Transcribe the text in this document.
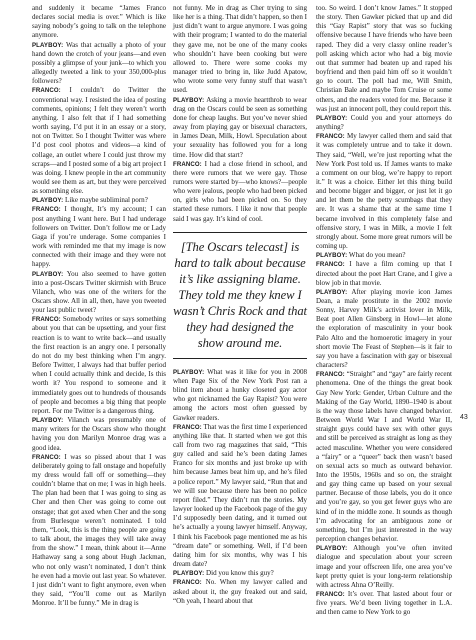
and suddenly it became “James Franco declares social media is over.” Which is like saying nobody’s going to talk on the telephone anymore.

PLAYBOY: Was that actually a photo of your hand down the crotch of your jeans—and even possibly a glimpse of your junk—to which you allegedly tweeted a link to your 350,000-plus followers?

FRANCO: I couldn’t do Twitter the conventional way. I resisted the idea of posting comments, opinions; I felt they weren’t worth anything. I also felt that if I had something worth saying, I’d put it in an essay or a story, not on Twitter. So I thought Twitter was where I’d post cool photos and videos—a kind of collage, an outlet where I could just throw my scraps—and I posted some of a big art project I was doing. I knew people in the art community would see them as art, but they were perceived as something else.

PLAYBOY: Like maybe subliminal porn?

FRANCO: I thought, It’s my account; I can post anything I want here. But I had underage followers on Twitter. Don’t follow me or Lady Gaga if you’re underage. Some companies I work with reminded me that my image is now connected with their image and they were not happy.

PLAYBOY: You also seemed to have gotten into a post-Oscars Twitter skirmish with Bruce Vilanch, who was one of the writers for the Oscars show. All in all, then, have you tweeted your last public tweet?

FRANCO: Somebody writes or says something about you that can be upsetting, and your first reaction is to want to write back—and usually the first reaction is an angry one. I personally do not do my best thinking when I’m angry. Before Twitter, I always had that buffer period when I could actually think and decide, Is this worth it? You respond to someone and it immediately goes out to hundreds of thousands of people and becomes a big thing that people report. For me Twitter is a dangerous thing.

PLAYBOY: Vilanch was presumably one of many writers for the Oscars show who thought having you don Marilyn Monroe drag was a good idea.

FRANCO: I was so pissed about that I was deliberately going to fall onstage and hopefully my dress would fall off or something—they couldn’t blame that on me; I was in high heels. The plan had been that I was going to sing as Cher and then Cher was going to come out onstage; that got axed when Cher and the song from Burlesque weren’t nominated. I told them, “Look, this is the thing people are going to talk about, the images they will take away from the show.” I mean, think about it—Anne Hathaway sang a song about Hugh Jackman, who not only wasn’t nominated, I don’t think he even had a movie out last year. So whatever. I just didn’t want to fight anymore, even when they said, “You’ll come out as Marilyn Monroe. It’ll be funny.” Me in drag is

not funny. Me in drag as Cher trying to sing like her is a thing. That didn’t happen, so then I just didn’t want to argue anymore. I was going with their program; I wanted to do the material they gave me, not be one of the many cooks who shouldn’t have been cooking but were allowed to. There were some cooks my manager tried to bring in, like Judd Apatow, who wrote some very funny stuff that wasn’t used.

PLAYBOY: Asking a movie heartthrob to wear drag on the Oscars could be seen as something done for cheap laughs. But you’ve never shied away from playing gay or bisexual characters, in James Dean, Milk, Howl. Speculation about your sexuality has followed you for a long time. How did that start?

FRANCO: I had a close friend in school, and there were rumors that we were gay. Those rumors were started by—who knows?—people who were jealous, people who had been picked on, girls who had been picked on. So they started these rumors. I like it now that people said I was gay. It’s kind of cool.

[The Oscars telecast] is hard to talk about because it’s like assigning blame. They told me they knew I wasn’t Chris Rock and that they had designed the show around me.

PLAYBOY: What was it like for you in 2008 when Page Six of the New York Post ran a blind item about a hunky closeted gay actor who got nicknamed the Gay Rapist? You were among the actors most often guessed by Gawker readers.

FRANCO: That was the first time I experienced anything like that. It started when we got this call from two rag magazines that said, “This guy called and said he’s been dating James Franco for six months and just broke up with him because James beat him up, and he’s filed a police report.” My lawyer said, “Run that and we will sue because there has been no police report filed.” They didn’t run the stories. My lawyer looked up the Facebook page of the guy I’d supposedly been dating, and it turned out he’s actually a young lawyer himself. Anyway, I think his Facebook page mentioned me as his “dream date” or something. Well, if I’d been dating him for six months, why was I his dream date?

PLAYBOY: Did you know this guy?

FRANCO: No. When my lawyer called and asked about it, the guy freaked out and said, “Oh yeah, I heard about that

too. So weird. I don’t know James.” It stopped the story. Then Gawker picked that up and did this “Gay Rapist” story that was so fucking offensive because I have friends who have been raped. They did a very classy online reader’s poll asking which actor who had a big movie out that summer had beaten up and raped his boyfriend and then paid him off so it wouldn’t go to court. The poll had me, Will Smith, Christian Bale and maybe Tom Cruise or some others, and the readers voted for me. Because it was just an innocent poll, they could report this.

PLAYBOY: Could you and your attorneys do anything?

FRANCO: My lawyer called them and said that it was completely untrue and to take it down. They said, “Well, we’re just reporting what the New York Post told us. If James wants to make a comment on our blog, we’re happy to report it.” It was a choice. Either let this thing build and become bigger and bigger, or just let it go and let them be the petty scumbags that they are. It was a shame that at the same time I became involved in this completely false and offensive story, I was in Milk, a movie I felt strongly about. Some more great rumors will be coming up.

PLAYBOY: What do you mean?

FRANCO: I have a film coming up that I directed about the poet Hart Crane, and I give a blow job in that movie.

PLAYBOY: After playing movie icon James Dean, a male prostitute in the 2002 movie Sonny, Harvey Milk’s activist lover in Milk, Beat poet Allen Ginsberg in Howl—let alone the exploration of masculinity in your book Palo Alto and the homoerotic imagery in your short movie The Feast of Stephen—is it fair to say you have a fascination with gay or bisexual characters?

FRANCO: “Straight” and “gay” are fairly recent phenomena. One of the things the great book Gay New York: Gender, Urban Culture and the Making of the Gay World, 1890–1940 is about is the way those labels have changed behavior. Between World War I and World War II, straight guys could have sex with other guys and still be perceived as straight as long as they acted masculine. Whether you were considered a “fairy” or a “queer” back then wasn’t based on sexual acts so much as outward behavior. Into the 1950s, 1960s and so on, the straight and gay thing came up based on your sexual partner. Because of those labels, you do it once and you’re gay, so you get fewer guys who are kind of in the middle zone. It sounds as though I’m advocating for an ambiguous zone or something, but I’m just interested in the way perception changes behavior.

PLAYBOY: Although you’ve often invited dialogue and speculation about your screen image and your offscreen life, one area you’ve kept pretty quiet is your long-term relationship with actress Ahna O’Reilly.

FRANCO: It’s over. That lasted about four or five years. We’d been living together in L.A. and then came to New York to go

43
